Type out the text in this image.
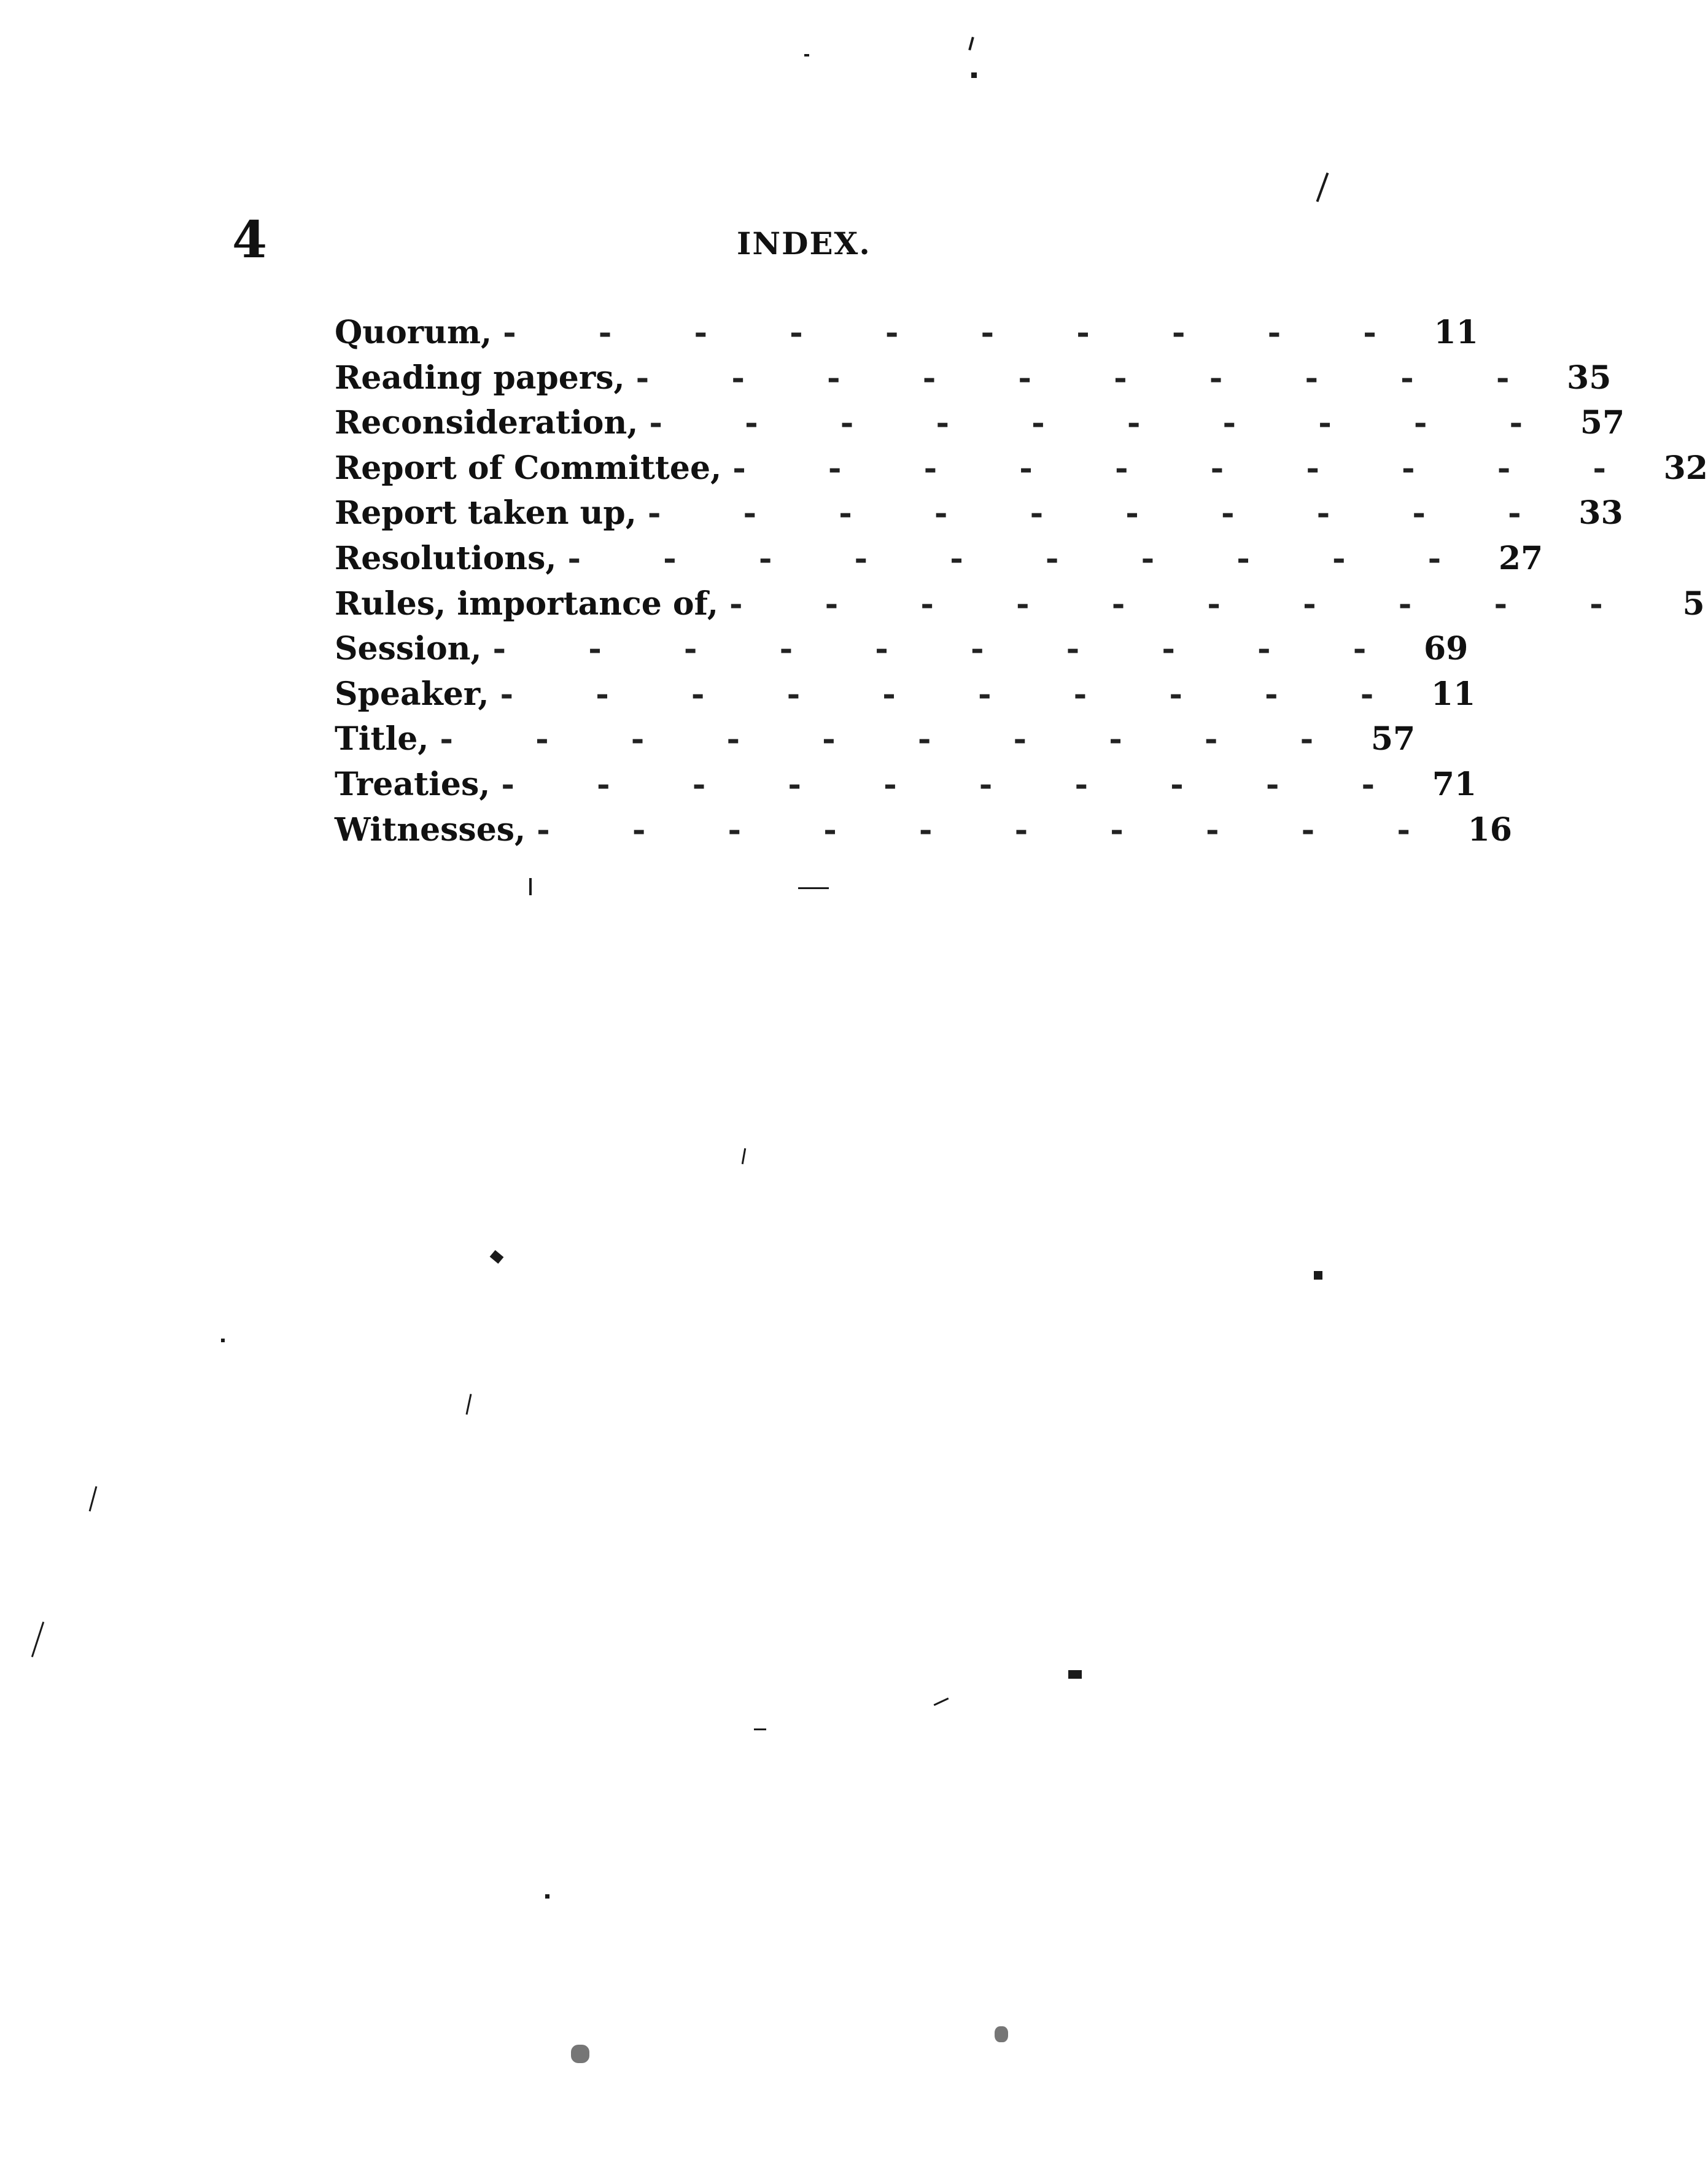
4	INDEX.
Quorum, - - - - - - - - - - 11
Reading papers, - - - - - - - - - - 35
Reconsideration, - - - - - - - - - - 57
Report of Committee, - - - - - - - - - - 32
Report taken up, - - - - - - - - - - 33
Resolutions, - - - - - - - - - - 27
Rules, importance of, - - - - - - - - - -	5
Session, - - - - - - - - - - 69
Speaker, - - - - - - - - - - 11
Title, - - - - - - - - - - 57
Treaties, - - - - - - - - - - 71
Witnesses, - - - - - - - - - - 16
